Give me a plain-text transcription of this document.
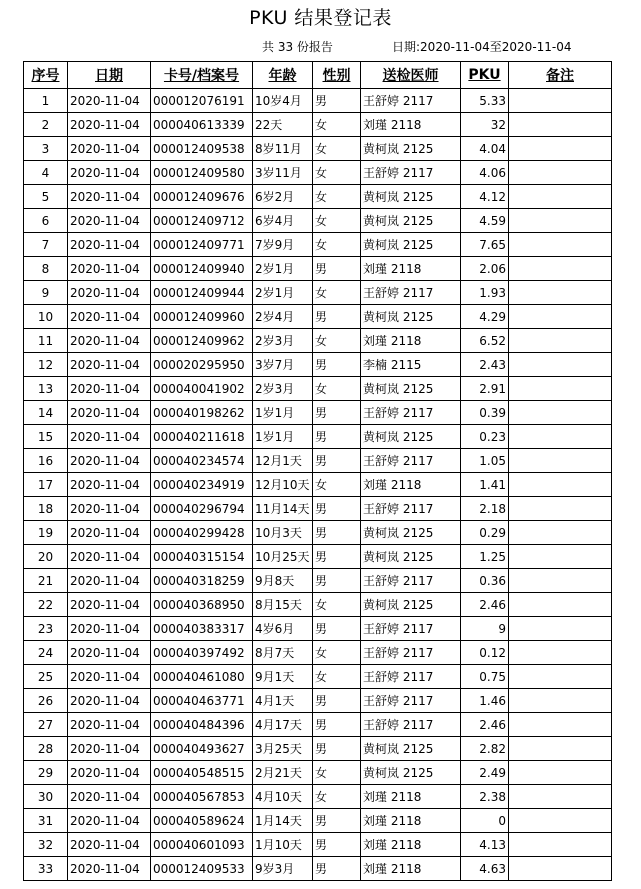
PKU 结果登记表
共 33 份报告	日期:2020-11-04至2020-11-04
序号	日期	卡号/档案号	年龄	性别	送检医师	PKU	备注
1	2020-11-04	000012076191	10岁4月	男	王舒婷 2117	5.33	
2	2020-11-04	000040613339	22天	女	刘瑾 2118	32	
3	2020-11-04	000012409538	8岁11月	女	黄柯岚 2125	4.04	
4	2020-11-04	000012409580	3岁11月	女	王舒婷 2117	4.06	
5	2020-11-04	000012409676	6岁2月	女	黄柯岚 2125	4.12	
6	2020-11-04	000012409712	6岁4月	女	黄柯岚 2125	4.59	
7	2020-11-04	000012409771	7岁9月	女	黄柯岚 2125	7.65	
8	2020-11-04	000012409940	2岁1月	男	刘瑾 2118	2.06	
9	2020-11-04	000012409944	2岁1月	女	王舒婷 2117	1.93	
10	2020-11-04	000012409960	2岁4月	男	黄柯岚 2125	4.29	
11	2020-11-04	000012409962	2岁3月	女	刘瑾 2118	6.52	
12	2020-11-04	000020295950	3岁7月	男	李楠 2115	2.43	
13	2020-11-04	000040041902	2岁3月	女	黄柯岚 2125	2.91	
14	2020-11-04	000040198262	1岁1月	男	王舒婷 2117	0.39	
15	2020-11-04	000040211618	1岁1月	男	黄柯岚 2125	0.23	
16	2020-11-04	000040234574	12月1天	男	王舒婷 2117	1.05	
17	2020-11-04	000040234919	12月10天	女	刘瑾 2118	1.41	
18	2020-11-04	000040296794	11月14天	男	王舒婷 2117	2.18	
19	2020-11-04	000040299428	10月3天	男	黄柯岚 2125	0.29	
20	2020-11-04	000040315154	10月25天	男	黄柯岚 2125	1.25	
21	2020-11-04	000040318259	9月8天	男	王舒婷 2117	0.36	
22	2020-11-04	000040368950	8月15天	女	黄柯岚 2125	2.46	
23	2020-11-04	000040383317	4岁6月	男	王舒婷 2117	9	
24	2020-11-04	000040397492	8月7天	女	王舒婷 2117	0.12	
25	2020-11-04	000040461080	9月1天	女	王舒婷 2117	0.75	
26	2020-11-04	000040463771	4月1天	男	王舒婷 2117	1.46	
27	2020-11-04	000040484396	4月17天	男	王舒婷 2117	2.46	
28	2020-11-04	000040493627	3月25天	男	黄柯岚 2125	2.82	
29	2020-11-04	000040548515	2月21天	女	黄柯岚 2125	2.49	
30	2020-11-04	000040567853	4月10天	女	刘瑾 2118	2.38	
31	2020-11-04	000040589624	1月14天	男	刘瑾 2118	0	
32	2020-11-04	000040601093	1月10天	男	刘瑾 2118	4.13	
33	2020-11-04	000012409533	9岁3月	男	刘瑾 2118	4.63	
